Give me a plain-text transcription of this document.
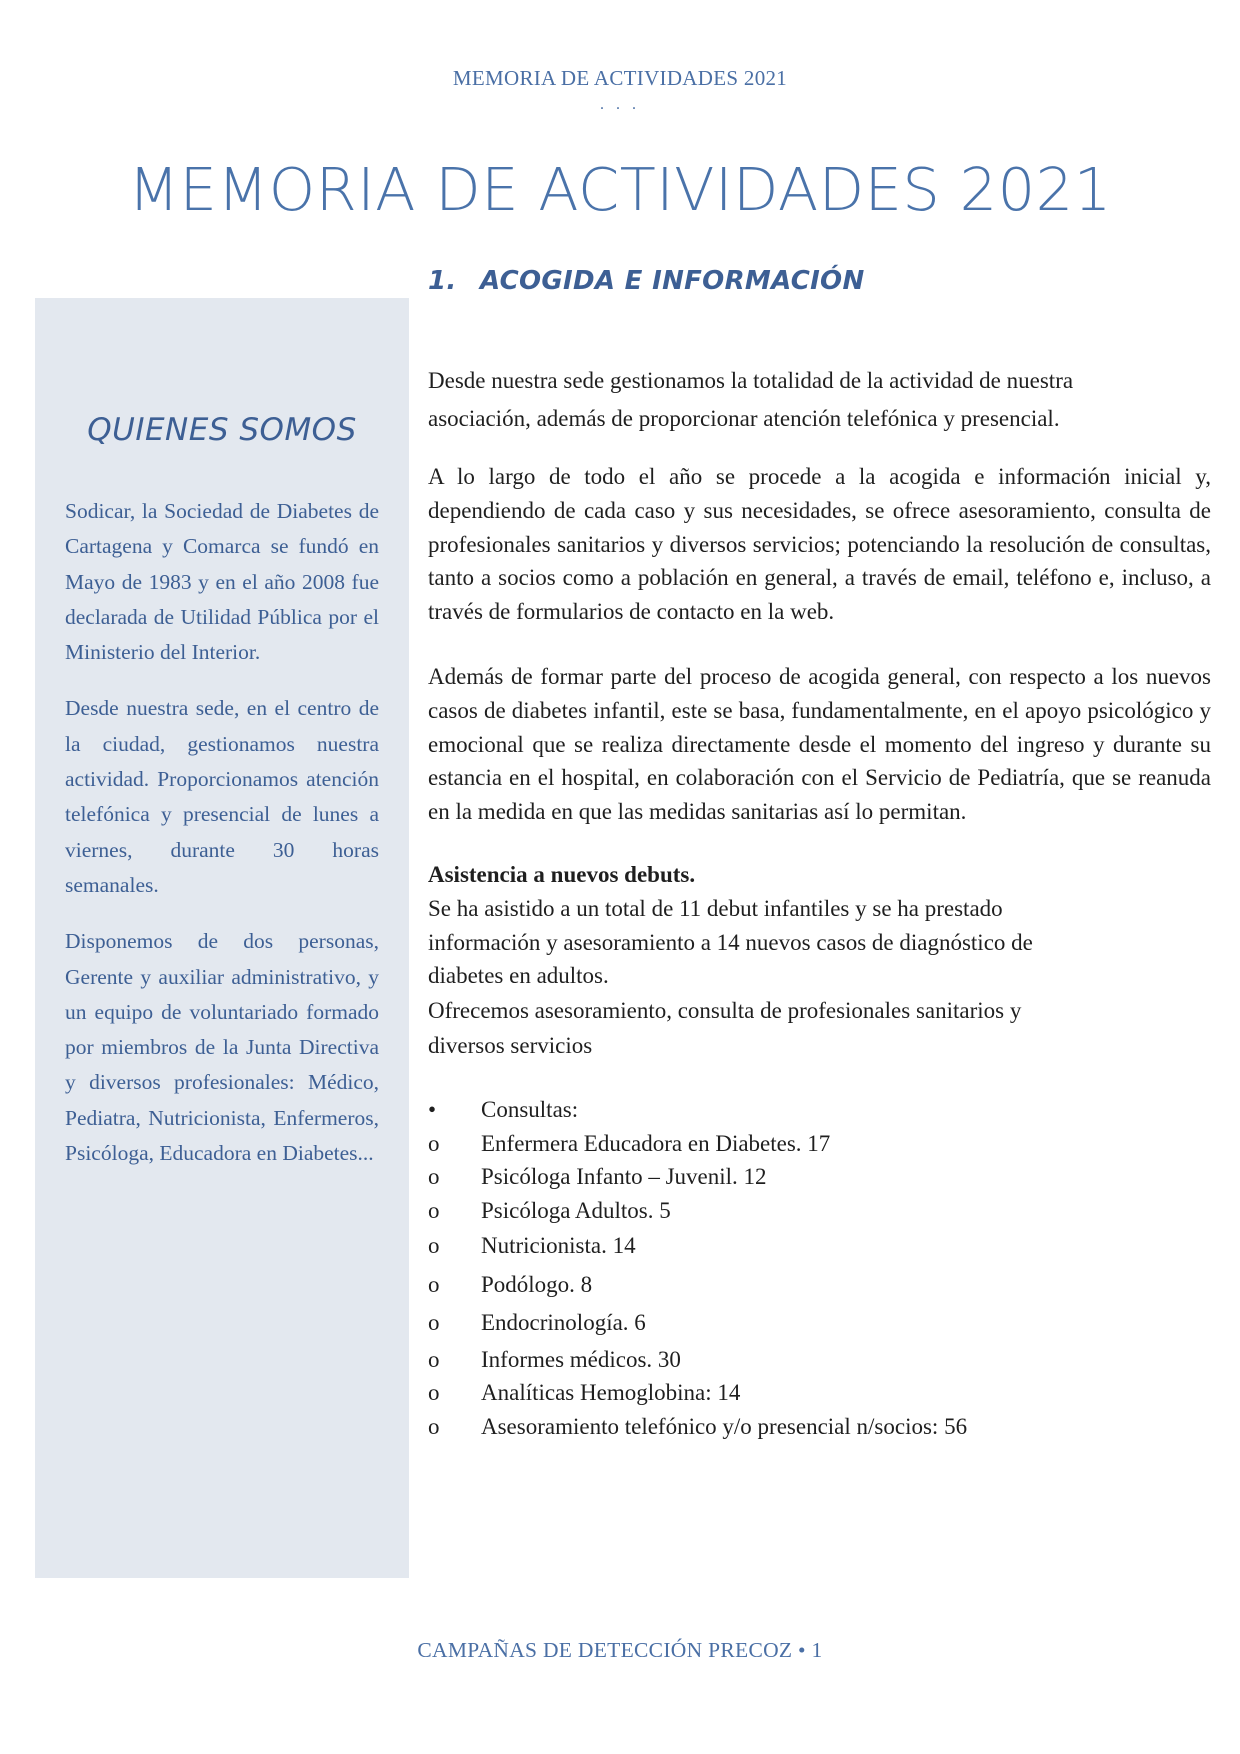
MEMORIA DE ACTIVIDADES 2021
. . .
MEMORIA DE ACTIVIDADES 2021
QUIENES SOMOS

Sodicar, la Sociedad de Diabetes de Cartagena y Comarca se fundó en Mayo de 1983 y en el año 2008 fue declarada de Utilidad Pública por el Ministerio del Interior.

Desde nuestra sede, en el centro de la ciudad, gestionamos nuestra actividad. Proporcionamos atención telefónica y presencial de lunes a viernes, durante 30 horas semanales.

Disponemos de dos personas, Gerente y auxiliar administrativo, y un equipo de voluntariado formado por miembros de la Junta Directiva y diversos profesionales: Médico, Pediatra, Nutricionista, Enfermeros, Psicóloga, Educadora en Diabetes...

1. ACOGIDA E INFORMACIÓN

Desde nuestra sede gestionamos la totalidad de la actividad de nuestra asociación, además de proporcionar atención telefónica y presencial.

A lo largo de todo el año se procede a la acogida e información inicial y, dependiendo de cada caso y sus necesidades, se ofrece asesoramiento, consulta de profesionales sanitarios y diversos servicios; potenciando la resolución de consultas, tanto a socios como a población en general, a través de email, teléfono e, incluso, a través de formularios de contacto en la web.

Además de formar parte del proceso de acogida general, con respecto a los nuevos casos de diabetes infantil, este se basa, fundamentalmente, en el apoyo psicológico y emocional que se realiza directamente desde el momento del ingreso y durante su estancia en el hospital, en colaboración con el Servicio de Pediatría, que se reanuda en la medida en que las medidas sanitarias así lo permitan.

Asistencia a nuevos debuts.

Se ha asistido a un total de 11 debut infantiles y se ha prestado información y asesoramiento a 14 nuevos casos de diagnóstico de diabetes en adultos.

Ofrecemos asesoramiento, consulta de profesionales sanitarios y diversos servicios

•	Consultas:
o	Enfermera Educadora en Diabetes. 17
o	Psicóloga Infanto – Juvenil. 12
o	Psicóloga Adultos. 5
o	Nutricionista. 14
o	Podólogo. 8
o	Endocrinología. 6
o	Informes médicos. 30
o	Analíticas Hemoglobina: 14
o	Asesoramiento telefónico y/o presencial n/socios: 56
CAMPAÑAS DE DETECCIÓN PRECOZ • 1
